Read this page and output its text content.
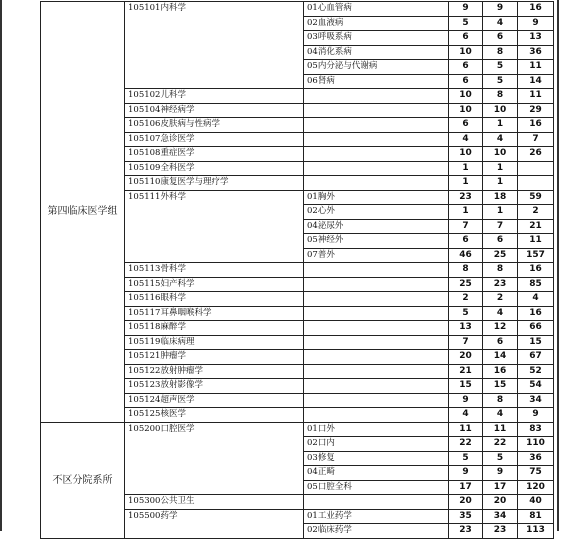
第四临床医学组	105101内科学	01心血管病	9	9	16
		02血液病	5	4	9
		03呼吸系病	6	6	13
		04消化系病	10	8	36
		05内分泌与代谢病	6	5	11
		06肾病	6	5	14
	105102儿科学		10	8	11
	105104神经病学		10	10	29
	105106皮肤病与性病学		6	1	16
	105107急诊医学		4	4	7
	105108重症医学		10	10	26
	105109全科医学		1	1	
	105110康复医学与理疗学		1	1	
	105111外科学	01胸外	23	18	59
		02心外	1	1	2
		04泌尿外	7	7	21
		05神经外	6	6	11
		07普外	46	25	157
	105113骨科学		8	8	16
	105115妇产科学		25	23	85
	105116眼科学		2	2	4
	105117耳鼻咽喉科学		5	4	16
	105118麻醉学		13	12	66
	105119临床病理		7	6	15
	105121肿瘤学		20	14	67
	105122放射肿瘤学		21	16	52
	105123放射影像学		15	15	54
	105124超声医学		9	8	34
	105125核医学		4	4	9
不区分院系所	105200口腔医学	01口外	11	11	83
		02口内	22	22	110
		03修复	5	5	36
		04正畸	9	9	75
		05口腔全科	17	17	120
	105300公共卫生		20	20	40
	105500药学	01工业药学	35	34	81
		02临床药学	23	23	113
